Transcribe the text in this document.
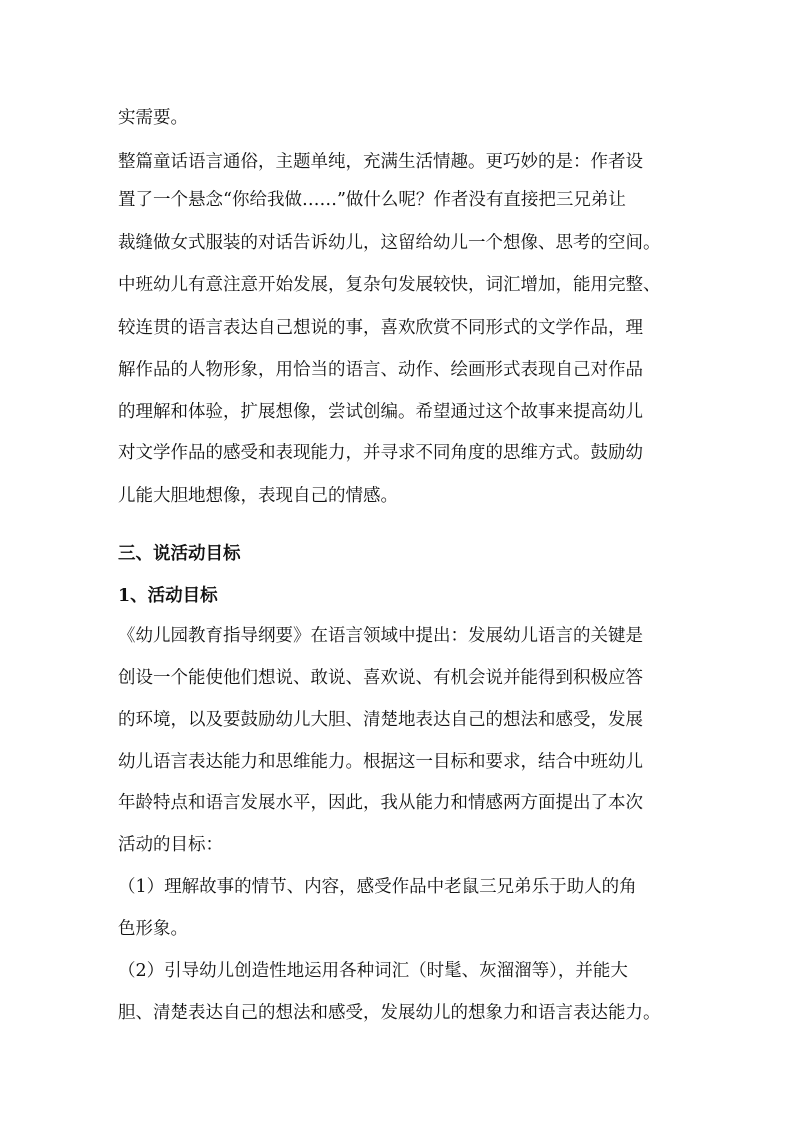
实需要。

整篇童话语言通俗，主题单纯，充满生活情趣。更巧妙的是：作者设

置了一个悬念“你给我做……”做什么呢？作者没有直接把三兄弟让

裁缝做女式服装的对话告诉幼儿，这留给幼儿一个想像、思考的空间。

中班幼儿有意注意开始发展，复杂句发展较快，词汇增加，能用完整、

较连贯的语言表达自己想说的事，喜欢欣赏不同形式的文学作品，理

解作品的人物形象，用恰当的语言、动作、绘画形式表现自己对作品

的理解和体验，扩展想像，尝试创编。希望通过这个故事来提高幼儿

对文学作品的感受和表现能力，并寻求不同角度的思维方式。鼓励幼

儿能大胆地想像，表现自己的情感。

三、说活动目标

1、活动目标

《幼儿园教育指导纲要》在语言领域中提出：发展幼儿语言的关键是

创设一个能使他们想说、敢说、喜欢说、有机会说并能得到积极应答

的环境，以及要鼓励幼儿大胆、清楚地表达自己的想法和感受，发展

幼儿语言表达能力和思维能力。根据这一目标和要求，结合中班幼儿

年龄特点和语言发展水平，因此，我从能力和情感两方面提出了本次

活动的目标：

（1）理解故事的情节、内容，感受作品中老鼠三兄弟乐于助人的角

色形象。

（2）引导幼儿创造性地运用各种词汇（时髦、灰溜溜等），并能大

胆、清楚表达自己的想法和感受，发展幼儿的想象力和语言表达能力。
